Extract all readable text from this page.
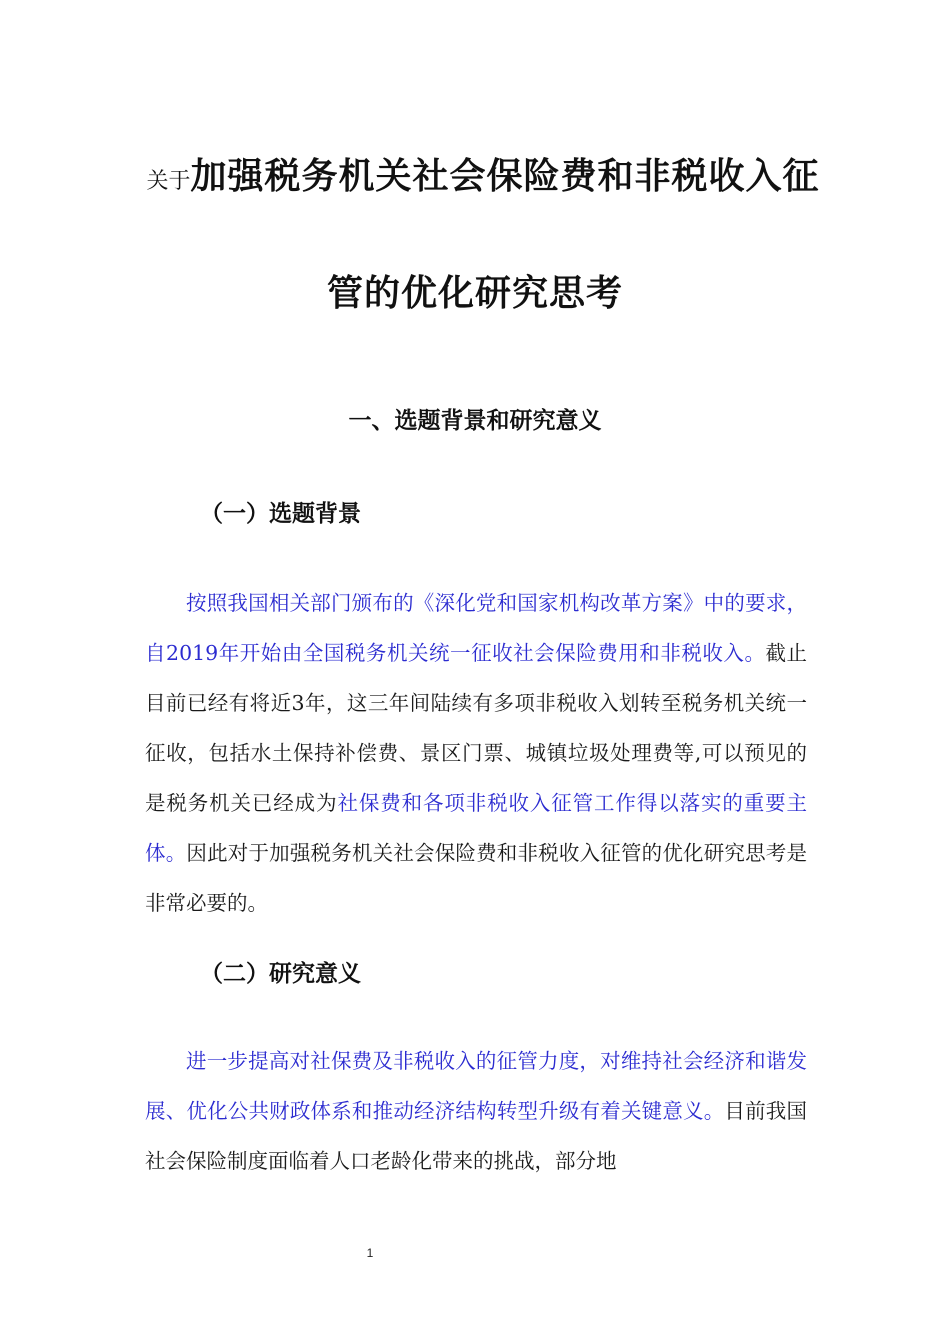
关于加强税务机关社会保险费和非税收入征
管的优化研究思考
一、选题背景和研究意义
（一）选题背景

按照我国相关部门颁布的《深化党和国家机构改革方案》中的要求，自2019年开始由全国税务机关统一征收社会保险费用和非税收入。截止目前已经有将近3年，这三年间陆续有多项非税收入划转至税务机关统一征收，包括水土保持补偿费、景区门票、城镇垃圾处理费等,可以预见的是税务机关已经成为社保费和各项非税收入征管工作得以落实的重要主体。因此对于加强税务机关社会保险费和非税收入征管的优化研究思考是非常必要的。

（二）研究意义

进一步提高对社保费及非税收入的征管力度，对维持社会经济和谐发展、优化公共财政体系和推动经济结构转型升级有着关键意义。目前我国社会保险制度面临着人口老龄化带来的挑战，部分地

1
